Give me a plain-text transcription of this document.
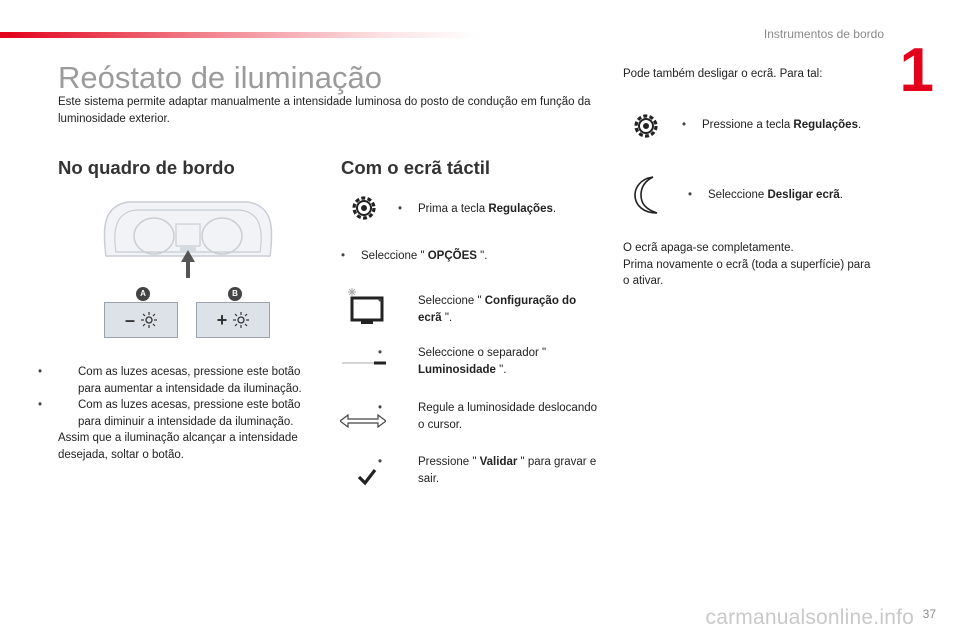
Instrumentos de bordo
1
Reóstato de iluminação
Este sistema permite adaptar manualmente a intensidade luminosa do posto de condução em função da luminosidade exterior.
No quadro de bordo
A	B
–	+
•	Com as luzes acesas, pressione este botão para aumentar a intensidade da iluminação.
•	Com as luzes acesas, pressione este botão para diminuir a intensidade da iluminação.
Assim que a iluminação alcançar a intensidade desejada, soltar o botão.
Com o ecrã táctil
• Prima a tecla Regulações.
• Seleccione " OPÇÕES ".
•	Seleccione " Configuração do ecrã ".
•	Seleccione o separador " Luminosidade ".
•	Regule a luminosidade deslocando o cursor.
•	Pressione " Validar " para gravar e sair.
Pode também desligar o ecrã. Para tal:
• Pressione a tecla Regulações.
• Seleccione Desligar ecrã.
O ecrã apaga-se completamente.
Prima novamente o ecrã (toda a superfície) para o ativar.
carmanualsonline.info 37
